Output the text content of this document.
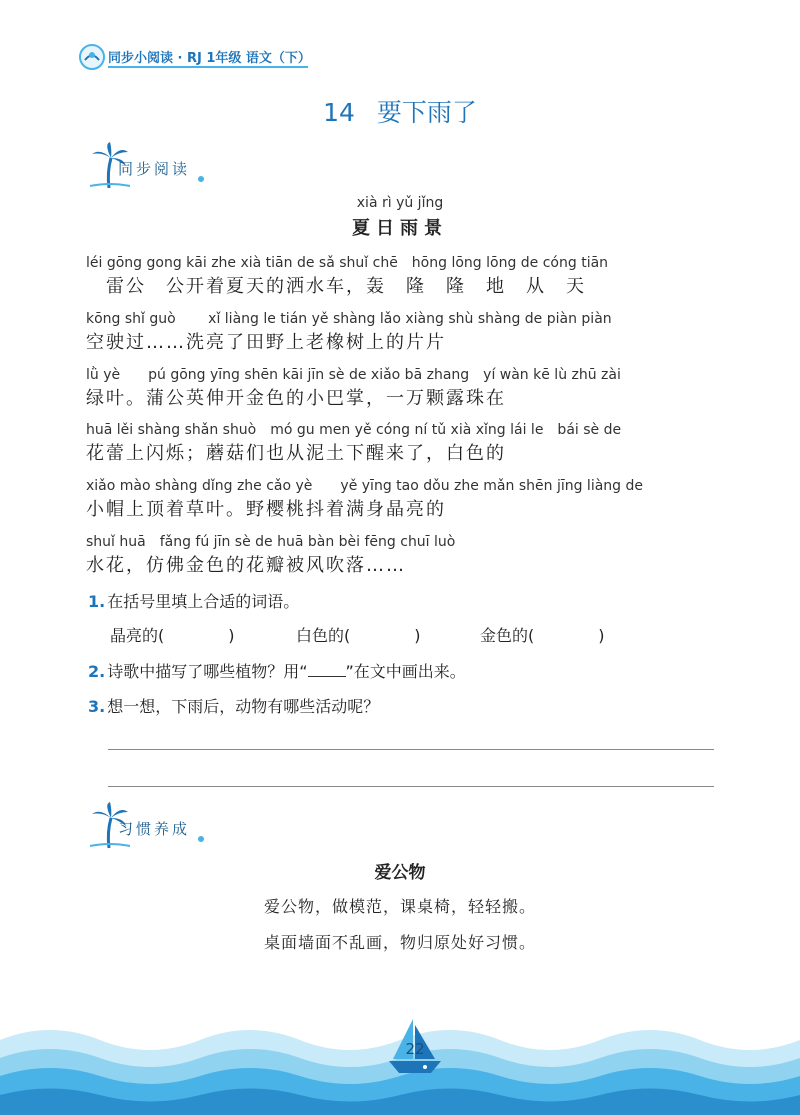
同步小阅读 · RJ 1年级 语文（下）
14 要下雨了
同步阅读
xià rì yǔ jǐng
夏日雨景
léi gōng gong kāi zhe xià tiān de sǎ shuǐ chē　hōng lōng lōng de cóng tiān
　雷公　公开着夏天的洒水车，轰　隆　隆　地　从　天
kōng shǐ guò　　 xǐ liàng le tián yě shàng lǎo xiàng shù shàng de piàn piàn
空驶过……洗亮了田野上老橡树上的片片
lǜ yè　　pú gōng yīng shēn kāi jīn sè de xiǎo bā zhang　yí wàn kē lù zhū zài
绿叶。蒲公英伸开金色的小巴掌，一万颗露珠在
huā lěi shàng shǎn shuò　mó gu men yě cóng ní tǔ xià xǐng lái le　bái sè de
花蕾上闪烁；蘑菇们也从泥土下醒来了，白色的
xiǎo mào shàng dǐng zhe cǎo yè　　yě yīng tao dǒu zhe mǎn shēn jīng liàng de
小帽上顶着草叶。野樱桃抖着满身晶亮的
shuǐ huā　fǎng fú jīn sè de huā bàn bèi fēng chuī luò
水花，仿佛金色的花瓣被风吹落……
1. 在括号里填上合适的词语。
晶亮的(　　　　)	白色的(　　　　)	金色的(　　　　)
2. 诗歌中描写了哪些植物？用“ ”在文中画出来。
3. 想一想，下雨后，动物有哪些活动呢？
习惯养成
爱公物
爱公物，做模范，课桌椅，轻轻搬。
桌面墙面不乱画，物归原处好习惯。
22
